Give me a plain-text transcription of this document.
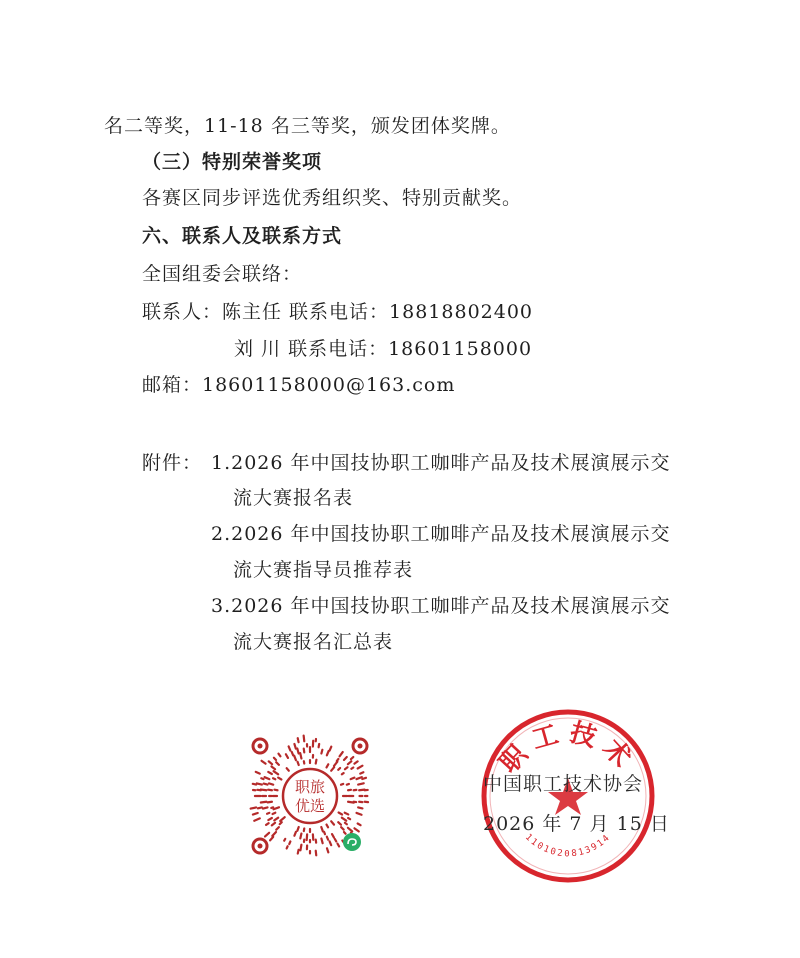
名二等奖，11-18 名三等奖，颁发团体奖牌。
（三）特别荣誉奖项
各赛区同步评选优秀组织奖、特别贡献奖。
六、联系人及联系方式
全国组委会联络：
联系人：陈主任 联系电话：18818802400
刘 川 联系电话：18601158000
邮箱：18601158000@163.com
附件： 1.2026 年中国技协职工咖啡产品及技术展演展示交
流大赛报名表
2.2026 年中国技协职工咖啡产品及技术展演展示交
流大赛指导员推荐表
3.2026 年中国技协职工咖啡产品及技术展演展示交
流大赛报名汇总表
职旅
优选
职工技术
1101020813914
中国职工技术协会
2026 年 7 月 15 日
